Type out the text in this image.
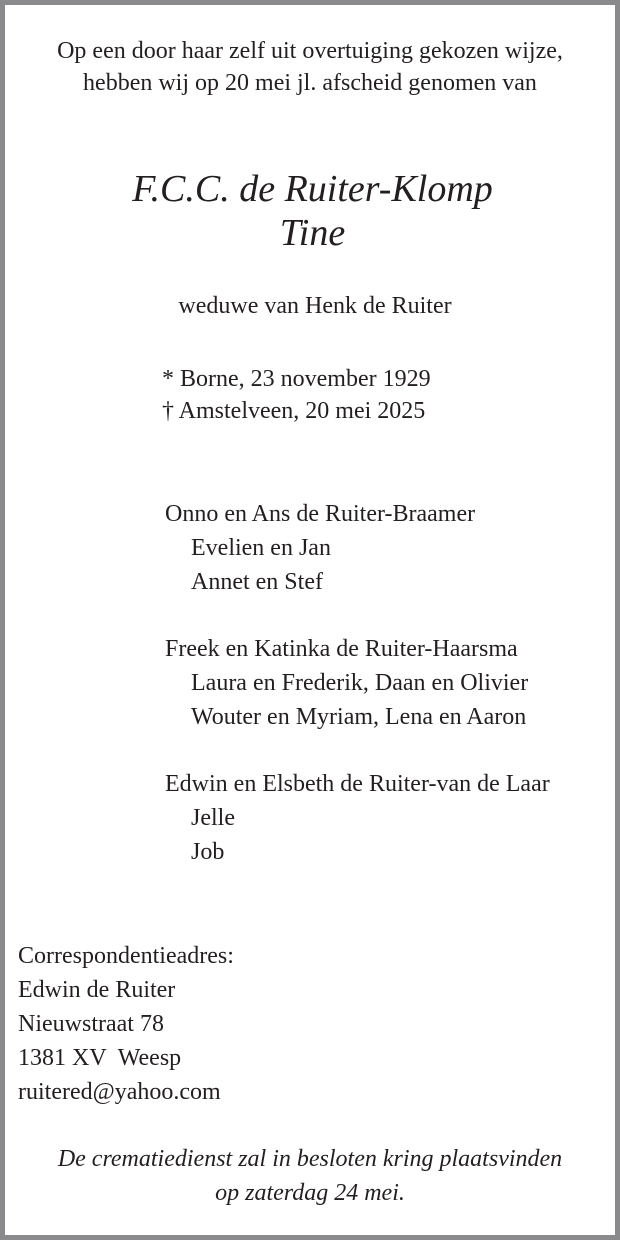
Op een door haar zelf uit overtuiging gekozen wijze,
hebben wij op 20 mei jl. afscheid genomen van
F.C.C. de Ruiter-Klomp
Tine
weduwe van Henk de Ruiter
* Borne, 23 november 1929
† Amstelveen, 20 mei 2025
Onno en Ans de Ruiter-Braamer
Evelien en Jan
Annet en Stef
Freek en Katinka de Ruiter-Haarsma
Laura en Frederik, Daan en Olivier
Wouter en Myriam, Lena en Aaron
Edwin en Elsbeth de Ruiter-van de Laar
Jelle
Job
Correspondentieadres:
Edwin de Ruiter
Nieuwstraat 78
1381 XV  Weesp
ruitered@yahoo.com
De crematiedienst zal in besloten kring plaatsvinden
op zaterdag 24 mei.
